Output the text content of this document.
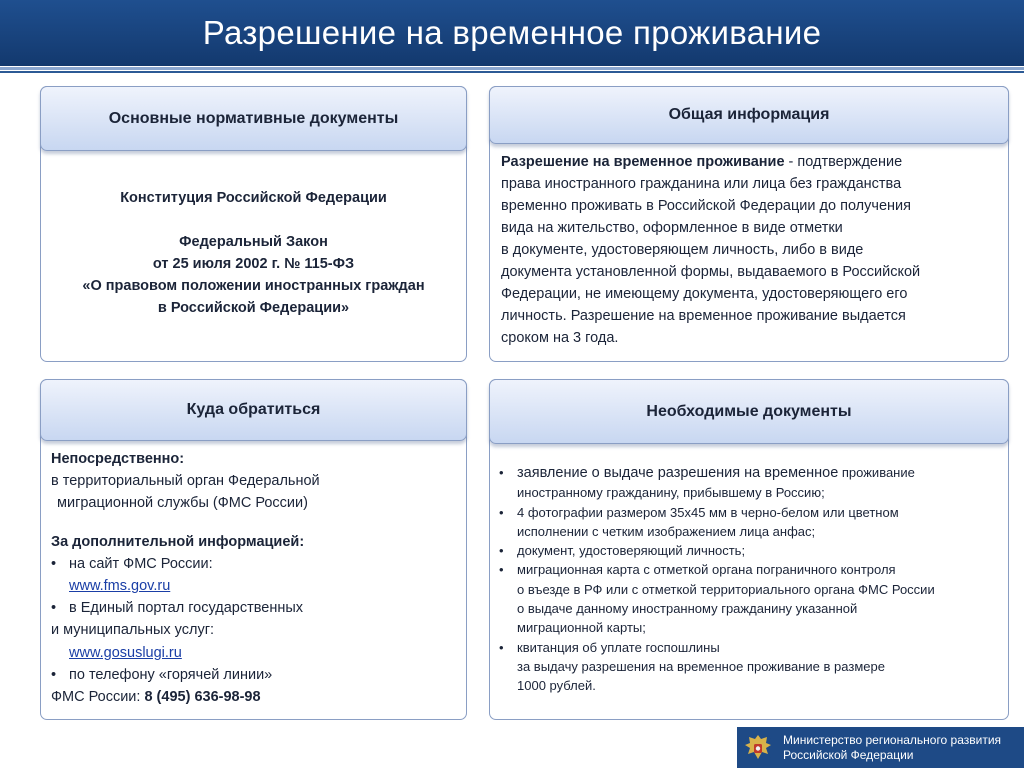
Разрешение на временное проживание
Основные нормативные документы
Конституция Российской Федерации
Федеральный Закон
от 25 июля 2002 г. № 115-ФЗ
«О правовом положении иностранных граждан
в Российской Федерации»
Общая информация
Разрешение на временное проживание - подтверждение
права иностранного гражданина или лица без гражданства
временно проживать в Российской Федерации до получения
вида на жительство, оформленное в виде отметки
в документе, удостоверяющем личность, либо в виде
документа установленной формы, выдаваемого в Российской
Федерации, не имеющему документа, удостоверяющего его
личность. Разрешение на временное проживание выдается
сроком на 3 года.
Куда обратиться
Непосредственно:
в территориальный орган Федеральной
миграционной службы (ФМС России)
За дополнительной информацией:
• на сайт ФМС России:
www.fms.gov.ru
• в Единый портал государственных
и муниципальных услуг:
www.gosuslugi.ru
• по телефону «горячей линии»
ФМС России: 8 (495) 636-98-98
Необходимые документы
• заявление о выдаче разрешения на временное проживание
иностранному гражданину, прибывшему в Россию;
• 4 фотографии размером 35х45 мм в черно-белом или цветном
исполнении с четким изображением лица анфас;
• документ, удостоверяющий личность;
• миграционная карта с отметкой органа пограничного контроля
о въезде в РФ или с отметкой территориального органа ФМС России
о выдаче данному иностранному гражданину указанной
миграционной карты;
• квитанция об уплате госпошлины
за выдачу разрешения на временное проживание в размере
1000 рублей.
Министерство регионального развития
Российской Федерации
